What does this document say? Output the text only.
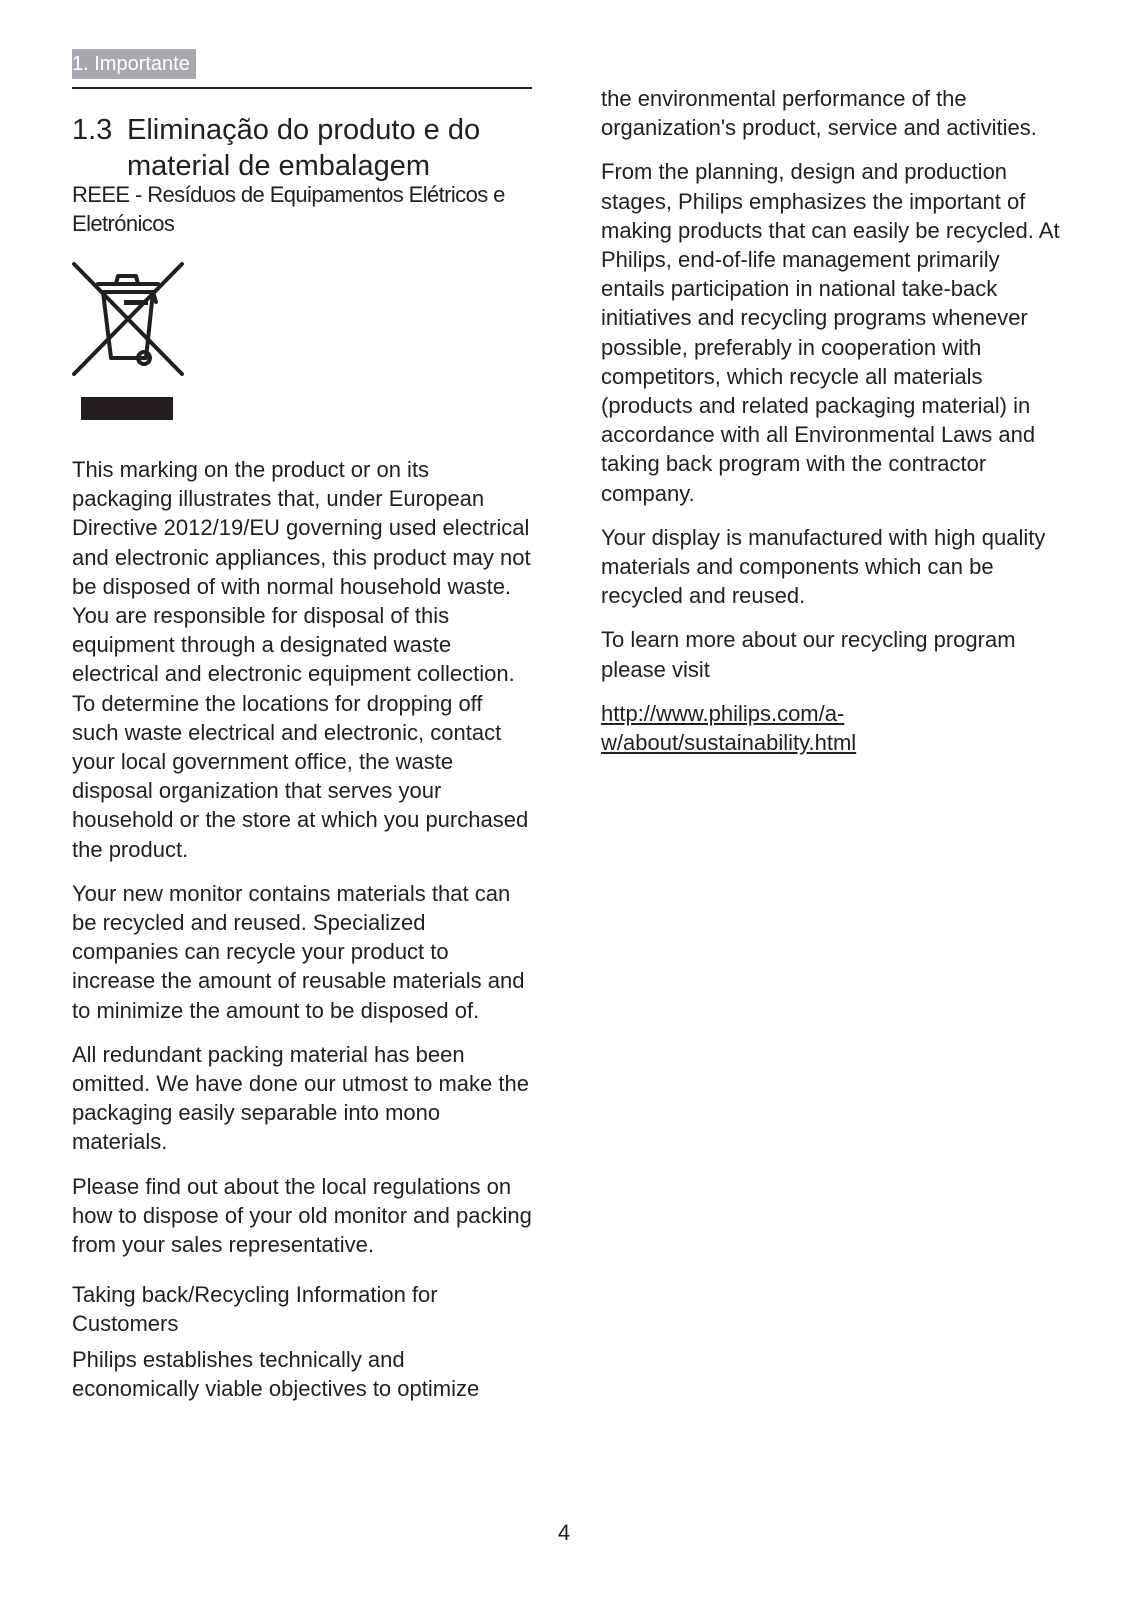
1. Importante
1.3 Eliminação do produto e do material de embalagem
REEE - Resíduos de Equipamentos Elétricos e Eletrónicos

This marking on the product or on its packaging illustrates that, under European Directive 2012/19/EU governing used electrical and electronic appliances, this product may not be disposed of with normal household waste. You are responsible for disposal of this equipment through a designated waste electrical and electronic equipment collection. To determine the locations for dropping off such waste electrical and electronic, contact your local government office, the waste disposal organization that serves your household or the store at which you purchased the product.

Your new monitor contains materials that can be recycled and reused. Specialized companies can recycle your product to increase the amount of reusable materials and to minimize the amount to be disposed of.

All redundant packing material has been omitted. We have done our utmost to make the packaging easily separable into mono materials.

Please find out about the local regulations on how to dispose of your old monitor and packing from your sales representative.

Taking back/Recycling Information for Customers

Philips establishes technically and economically viable objectives to optimize

the environmental performance of the organization's product, service and activities.

From the planning, design and production stages, Philips emphasizes the important of making products that can easily be recycled. At Philips, end-of-life management primarily entails participation in national take-back initiatives and recycling programs whenever possible, preferably in cooperation with competitors, which recycle all materials (products and related packaging material) in accordance with all Environmental Laws and taking back program with the contractor company.

Your display is manufactured with high quality materials and components which can be recycled and reused.

To learn more about our recycling program please visit

http://www.philips.com/a-w/about/sustainability.html

4
